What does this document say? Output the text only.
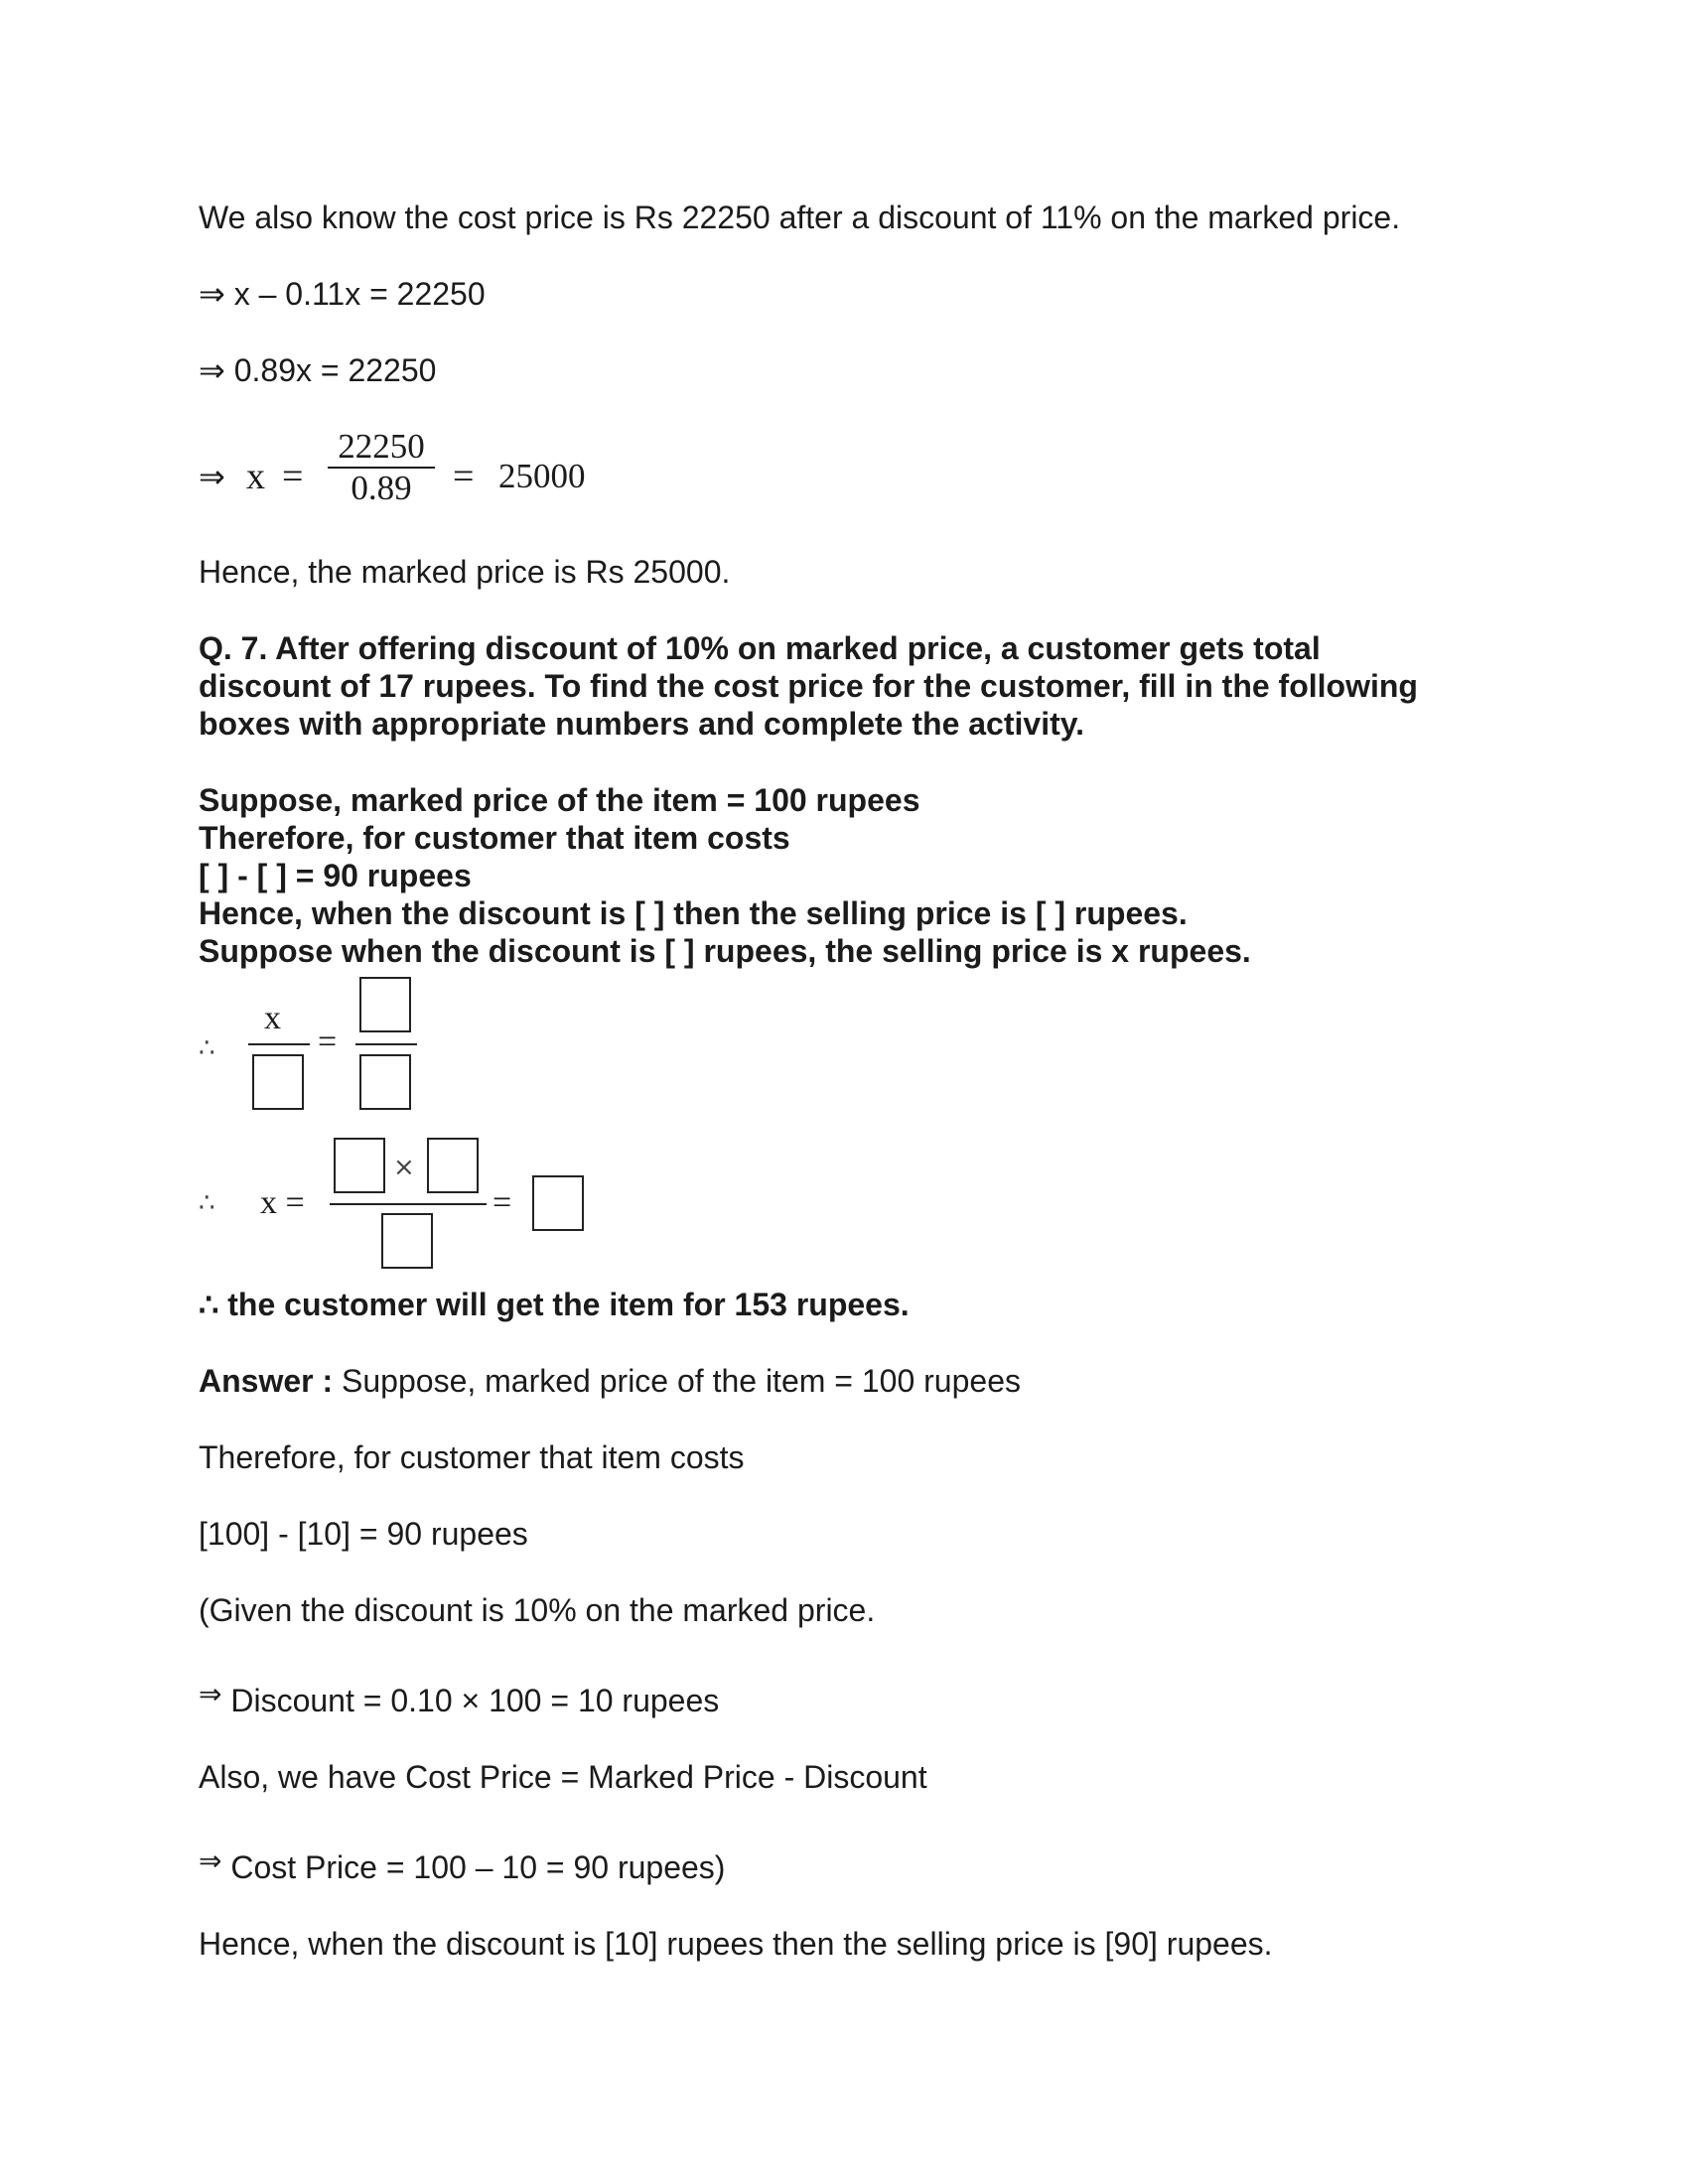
We also know the cost price is Rs 22250 after a discount of 11% on the marked price.
⇒ x – 0.11x = 22250
⇒ 0.89x = 22250
⇒ x =
22250
0.89 = 25000
Hence, the marked price is Rs 25000.
Q. 7. After offering discount of 10% on marked price, a customer gets total
discount of 17 rupees. To find the cost price for the customer, fill in the following
boxes with appropriate numbers and complete the activity.
Suppose, marked price of the item = 100 rupees
Therefore, for customer that item costs
[ ] - [ ] = 90 rupees
Hence, when the discount is [ ] then the selling price is [ ] rupees.
Suppose when the discount is [ ] rupees, the selling price is x rupees.
∴
x
=
∴ x =
×
=
∴ the customer will get the item for 153 rupees.
Answer : Suppose, marked price of the item = 100 rupees
Therefore, for customer that item costs
[100] - [10] = 90 rupees
(Given the discount is 10% on the marked price.
⇒ Discount = 0.10 × 100 = 10 rupees
Also, we have Cost Price = Marked Price - Discount
⇒ Cost Price = 100 – 10 = 90 rupees)
Hence, when the discount is [10] rupees then the selling price is [90] rupees.
